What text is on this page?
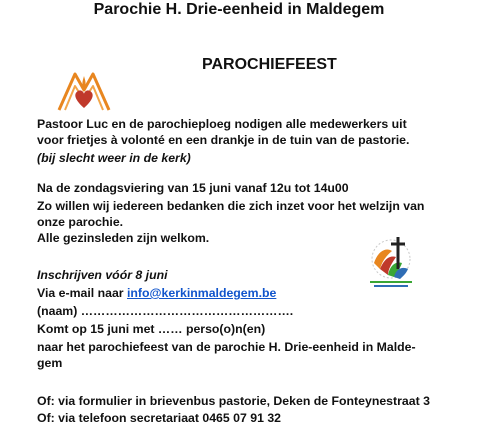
Parochie H. Drie-eenheid in Maldegem
PAROCHIEFEEST
Pastoor Luc en de parochieploeg nodigen alle medewerkers uit
voor frietjes à volonté en een drankje in de tuin van de pastorie.
(bij slecht weer in de kerk)
Na de zondagsviering van 15 juni vanaf 12u tot 14u00
Zo willen wij iedereen bedanken die zich inzet voor het welzijn van
onze parochie.
Alle gezinsleden zijn welkom.
Inschrijven vóór 8 juni
Via e-mail naar info@kerkinmaldegem.be
(naam) …………………………………………….
Komt op 15 juni met …… perso(o)n(en)
naar het parochiefeest van de parochie H. Drie-eenheid in Malde-
gem
Of: via formulier in brievenbus pastorie, Deken de Fonteynestraat 3
Of: via telefoon secretariaat 0465 07 91 32
